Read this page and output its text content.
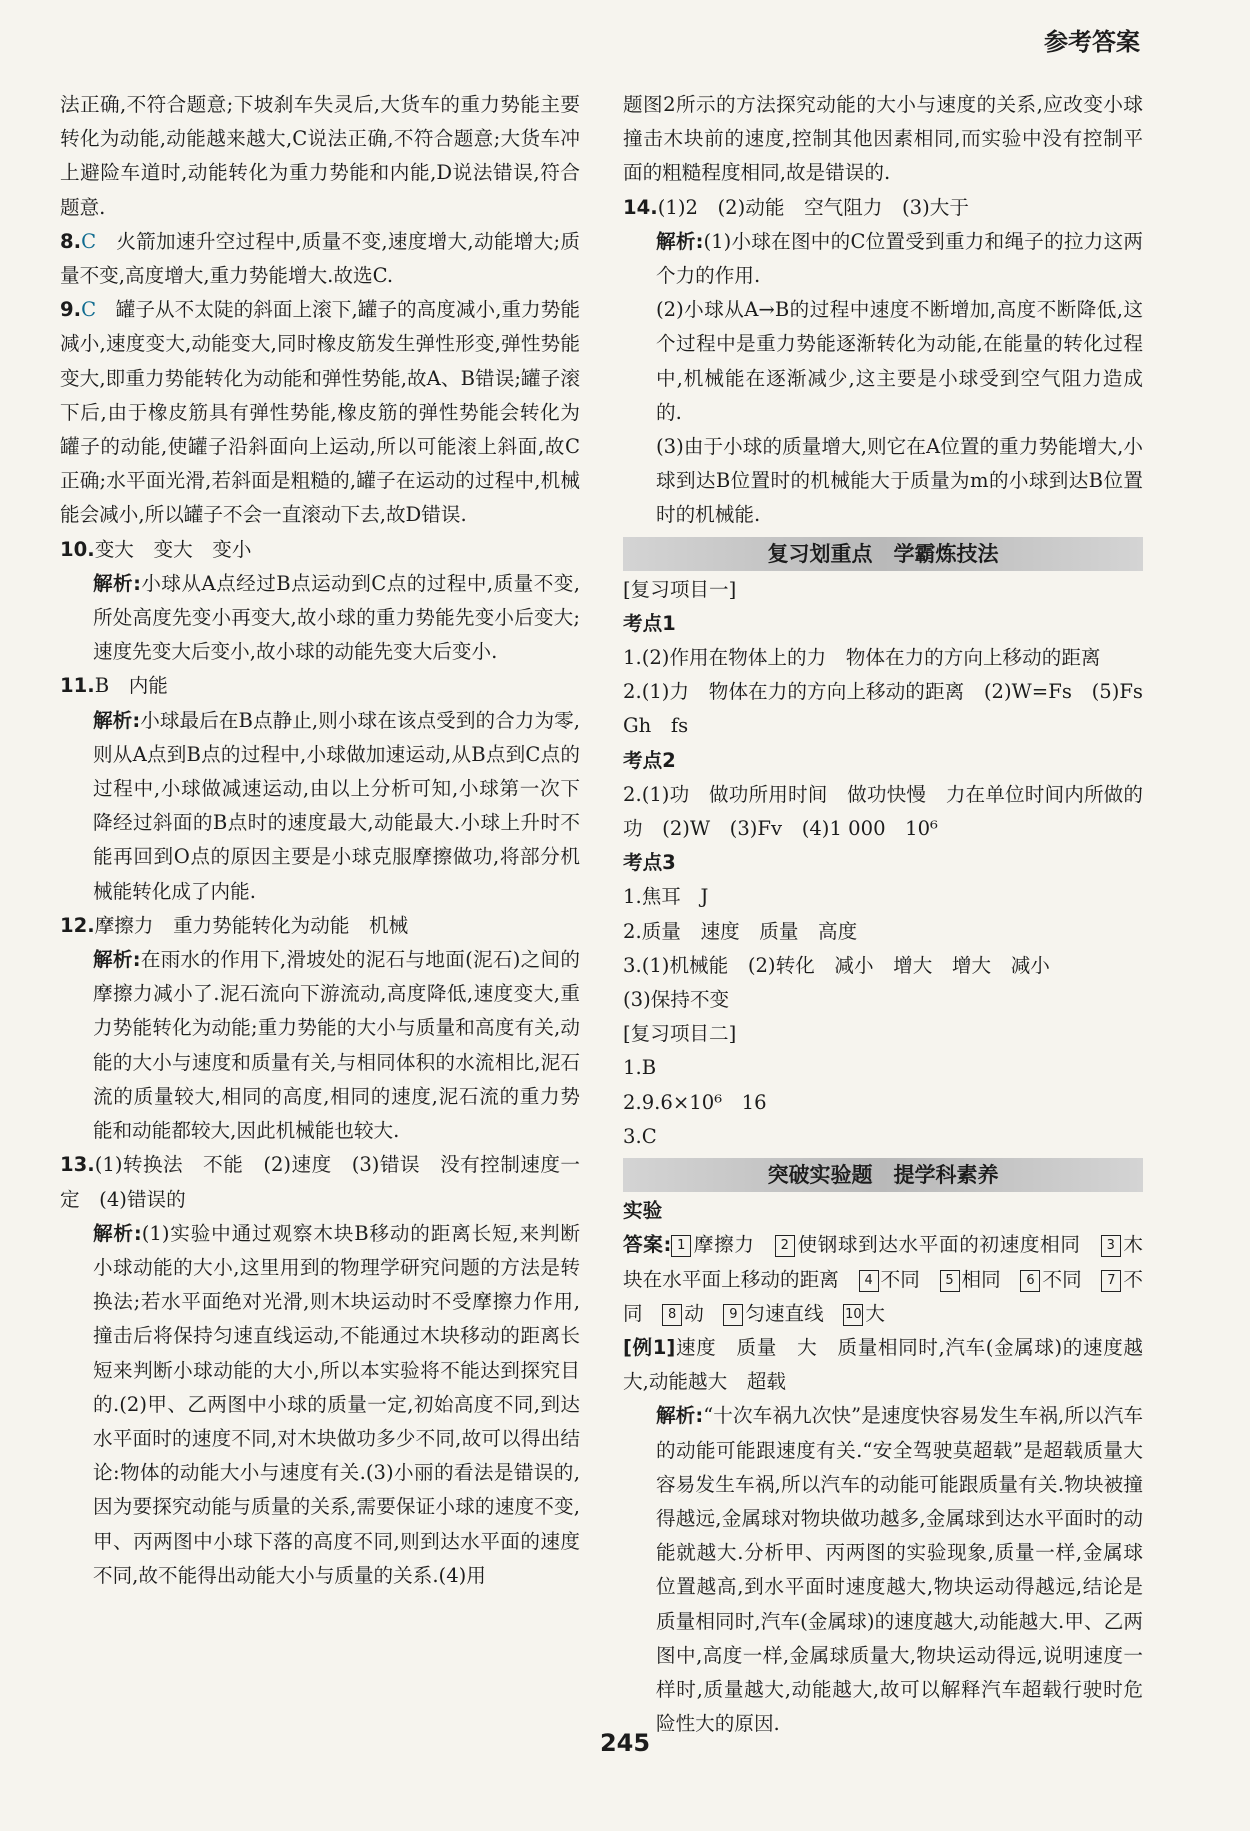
参考答案

法正确,不符合题意;下坡刹车失灵后,大货车的重力势能主要转化为动能,动能越来越大,C说法正确,不符合题意;大货车冲上避险车道时,动能转化为重力势能和内能,D说法错误,符合题意.

8.C　 火箭加速升空过程中,质量不变,速度增大,动能增大;质量不变,高度增大,重力势能增大.故选C.

9.C　 罐子从不太陡的斜面上滚下,罐子的高度减小,重力势能减小,速度变大,动能变大,同时橡皮筋发生弹性形变,弹性势能变大,即重力势能转化为动能和弹性势能,故A、B错误;罐子滚下后,由于橡皮筋具有弹性势能,橡皮筋的弹性势能会转化为罐子的动能,使罐子沿斜面向上运动,所以可能滚上斜面,故C正确;水平面光滑,若斜面是粗糙的,罐子在运动的过程中,机械能会减小,所以罐子不会一直滚动下去,故D错误.

10.变大　变大　变小

解析:小球从A点经过B点运动到C点的过程中,质量不变,所处高度先变小再变大,故小球的重力势能先变小后变大;速度先变大后变小,故小球的动能先变大后变小.

11.B　内能

解析:小球最后在B点静止,则小球在该点受到的合力为零,则从A点到B点的过程中,小球做加速运动,从B点到C点的过程中,小球做减速运动,由以上分析可知,小球第一次下降经过斜面的B点时的速度最大,动能最大.小球上升时不能再回到O点的原因主要是小球克服摩擦做功,将部分机械能转化成了内能.

12.摩擦力　重力势能转化为动能　机械

解析:在雨水的作用下,滑坡处的泥石与地面(泥石)之间的摩擦力减小了.泥石流向下游流动,高度降低,速度变大,重力势能转化为动能;重力势能的大小与质量和高度有关,动能的大小与速度和质量有关,与相同体积的水流相比,泥石流的质量较大,相同的高度,相同的速度,泥石流的重力势能和动能都较大,因此机械能也较大.

13.(1)转换法　不能　(2)速度　(3)错误　没有控制速度一定　(4)错误的

解析:(1)实验中通过观察木块B移动的距离长短,来判断小球动能的大小,这里用到的物理学研究问题的方法是转换法;若水平面绝对光滑,则木块运动时不受摩擦力作用,撞击后将保持匀速直线运动,不能通过木块移动的距离长短来判断小球动能的大小,所以本实验将不能达到探究目的.(2)甲、乙两图中小球的质量一定,初始高度不同,到达水平面时的速度不同,对木块做功多少不同,故可以得出结论:物体的动能大小与速度有关.(3)小丽的看法是错误的,因为要探究动能与质量的关系,需要保证小球的速度不变,甲、丙两图中小球下落的高度不同,则到达水平面的速度不同,故不能得出动能大小与质量的关系.(4)用

题图2所示的方法探究动能的大小与速度的关系,应改变小球撞击木块前的速度,控制其他因素相同,而实验中没有控制平面的粗糙程度相同,故是错误的.

14.(1)2　(2)动能　空气阻力　(3)大于

解析:(1)小球在图中的C位置受到重力和绳子的拉力这两个力的作用.

(2)小球从A→B的过程中速度不断增加,高度不断降低,这个过程中是重力势能逐渐转化为动能,在能量的转化过程中,机械能在逐渐减少,这主要是小球受到空气阻力造成的.

(3)由于小球的质量增大,则它在A位置的重力势能增大,小球到达B位置时的机械能大于质量为m的小球到达B位置时的机械能.

复习划重点　学霸炼技法

[复习项目一]

考点1

1.(2)作用在物体上的力　物体在力的方向上移动的距离

2.(1)力　物体在力的方向上移动的距离　(2)W=Fs　(5)Fs　Gh　fs

考点2

2.(1)功　做功所用时间　做功快慢　力在单位时间内所做的功　(2)W　(3)Fv　(4)1 000　10⁶

考点3

1.焦耳　J

2.质量　速度　质量　高度

3.(1)机械能　(2)转化　减小　增大　增大　减小

(3)保持不变

[复习项目二]

1.B

2.9.6×10⁶　16

3.C

突破实验题　提学科素养

实验

答案: 1 摩擦力　2 使钢球到达水平面的初速度相同　3 木块在水平面上移动的距离　4 不同　5 相同　6 不同　7 不同　8 动　9 匀速直线　10 大　

[例1]速度　质量　大　质量相同时,汽车(金属球)的速度越大,动能越大　超载

解析:“十次车祸九次快”是速度快容易发生车祸,所以汽车的动能可能跟速度有关.“安全驾驶莫超载”是超载质量大容易发生车祸,所以汽车的动能可能跟质量有关.物块被撞得越远,金属球对物块做功越多,金属球到达水平面时的动能就越大.分析甲、丙两图的实验现象,质量一样,金属球位置越高,到水平面时速度越大,物块运动得越远,结论是质量相同时,汽车(金属球)的速度越大,动能越大.甲、乙两图中,高度一样,金属球质量大,物块运动得远,说明速度一样时,质量越大,动能越大,故可以解释汽车超载行驶时危险性大的原因.

245
